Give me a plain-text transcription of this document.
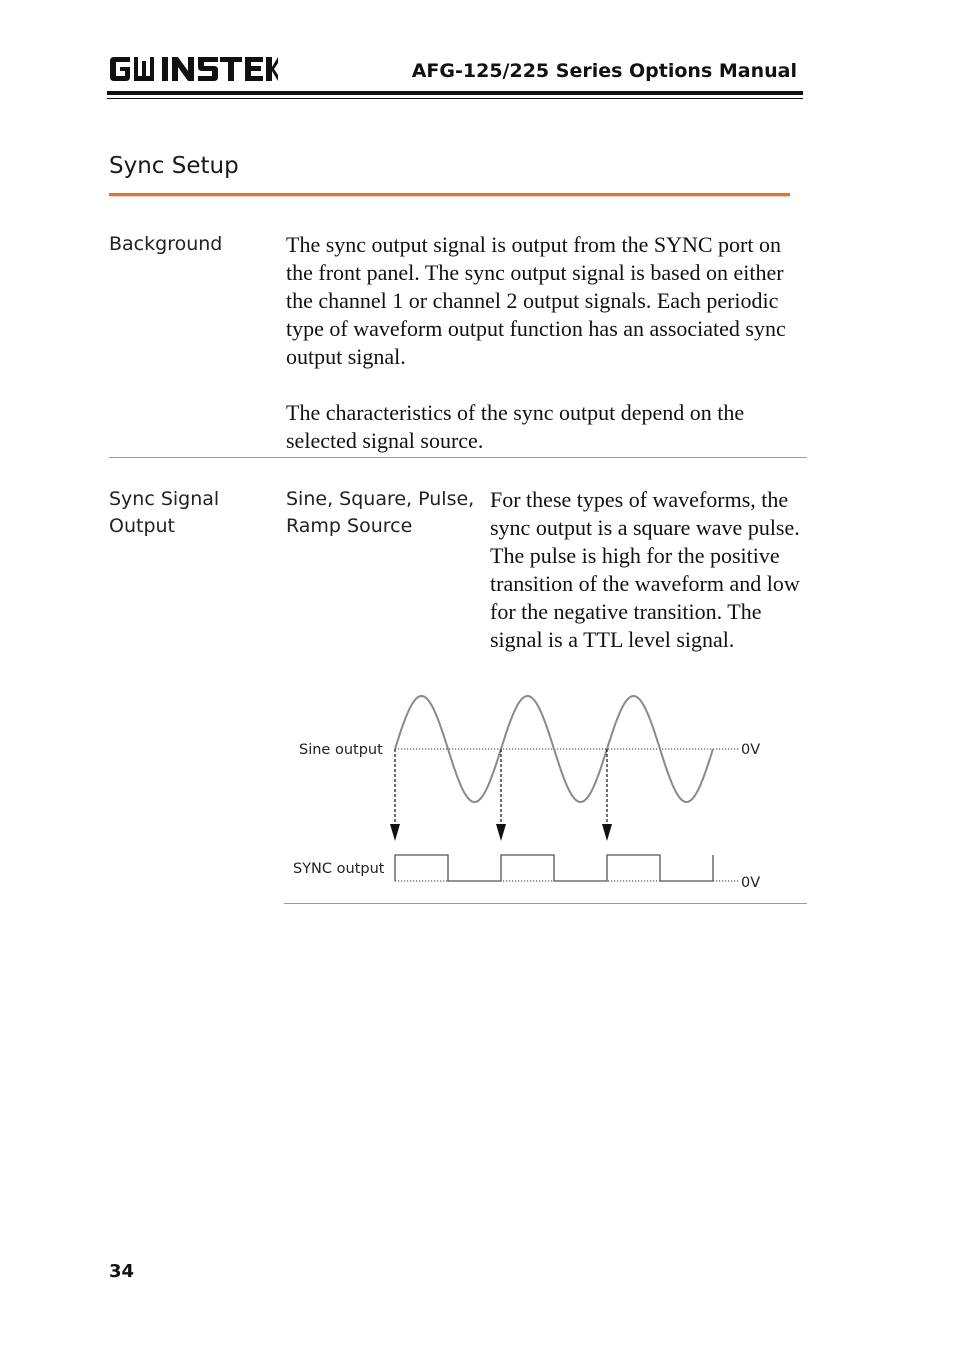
AFG-125/225 Series Options Manual
Sync Setup
Background	The sync output signal is output from the SYNC port on the front panel. The sync output signal is based on either the channel 1 or channel 2 output signals. Each periodic type of waveform output function has an associated sync output signal.

The characteristics of the sync output depend on the selected signal source.

Sync Signal Output
Sine, Square, Pulse, Ramp Source
For these types of waveforms, the sync output is a square wave pulse. The pulse is high for the positive transition of the waveform and low for the negative transition. The signal is a TTL level signal.
Sine output
SYNC output
0V
0V
34
